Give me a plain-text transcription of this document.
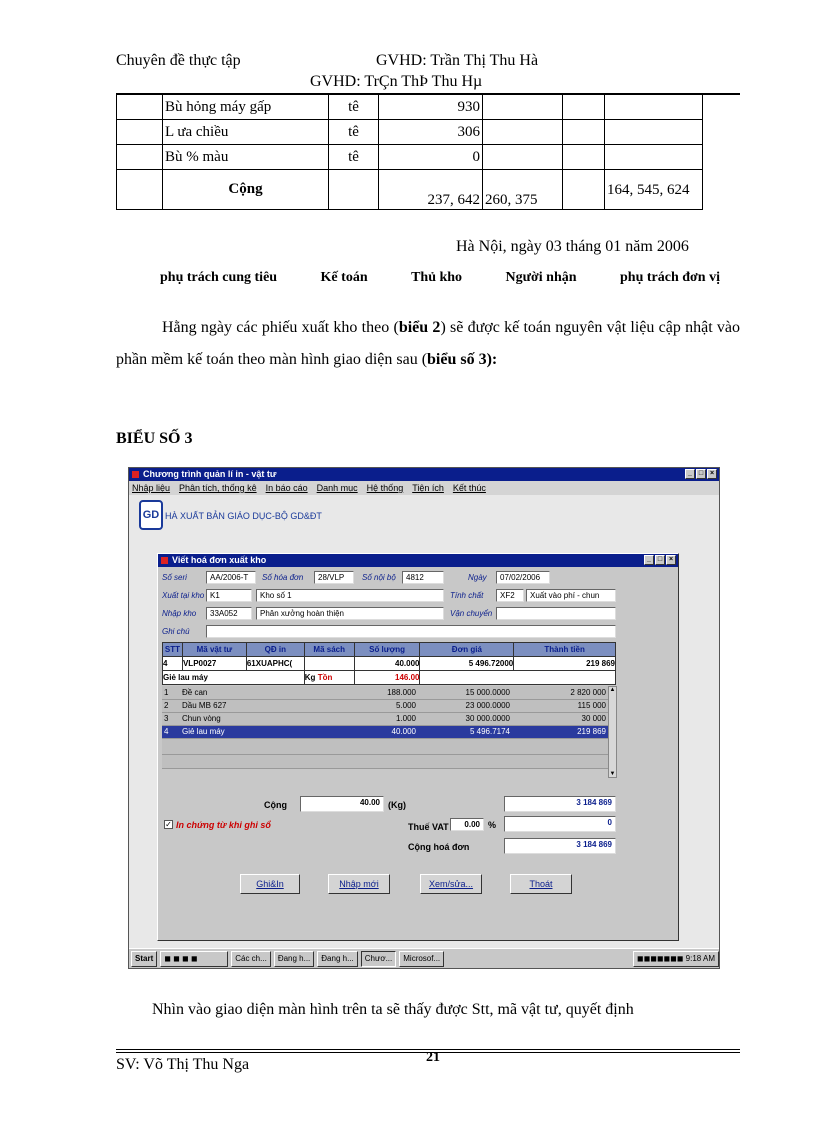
Chuyên đề thực tập	GVHD: Trần Thị Thu Hà
GVHD: TrÇn ThÞ Thu Hµ
	Bù hỏng máy gấp	tê	930			
	L ưa chiều	tê	306			
	Bù % màu	tê	0			
	Cộng		237, 642	260, 375		164, 545, 624
Hà Nội, ngày 03 tháng 01 năm 2006
phụ trách cung tiêu	Kế toán	Thủ kho	Người nhận	phụ trách đơn vị
Hằng ngày các phiếu xuất kho theo (biểu 2) sẽ được kế toán nguyên vật liệu cập nhật vào phần mềm kế toán theo màn hình giao diện sau (biểu số 3):
BIỂU SỐ 3
Chương trình quản lí in - vật tư	_ □ ×
Nhập liệu Phân tích, thống kê In báo cáo Danh mục Hệ thống Tiện ích Kết thúc
GD HÀ XUẤT BẢN GIÁO DỤC-BỘ GD&ĐT
Viết hoá đơn xuất kho	_ □ ×
Số seri	AA/2006-T	Số hóa đơn	28/VLP	Số nội bộ	4812	Ngày	07/02/2006
Xuất tại kho K1	Kho số 1	Tính chất	XF2	Xuất vào phí - chun
Nhập kho	33A052	Phân xưởng hoàn thiện	Vận chuyển
Ghi chú
STT	Mã vật tư	QĐ in	Mã sách	Số lượng	Đơn giá	Thành tiền
4	VLP0027	61XUAPHC(		40.000	5 496.72000	219 869
Giẻ lau máy			Kg Tồn	146.00		
1	Đề can	188.000	15 000.0000	2 820 000
2	Dầu MB 627	5.000	23 000.0000	115 000
3	Chun vòng	1.000	30 000.0000	30 000
4	Giẻ lau máy	40.000	5 496.7174	219 869

▲
▼
Cộng	40.00 (Kg)	3 184 869
✓ In chứng từ khi ghi sổ	Thuế VAT	0.00 %	0
Cộng hoá đơn	3 184 869
Ghi&In	Nhập mới	Xem/sửa...	Thoát
Start	◼ ◼ ◼ ◼	Các ch...	Đang h...	Đang h...	Chươ...	Microsof...	◼◼◼◼◼◼◼ 9:18 AM
Nhìn vào giao diện màn hình trên ta sẽ thấy được Stt, mã vật tư, quyết định
SV: Võ Thị Thu Nga	21
